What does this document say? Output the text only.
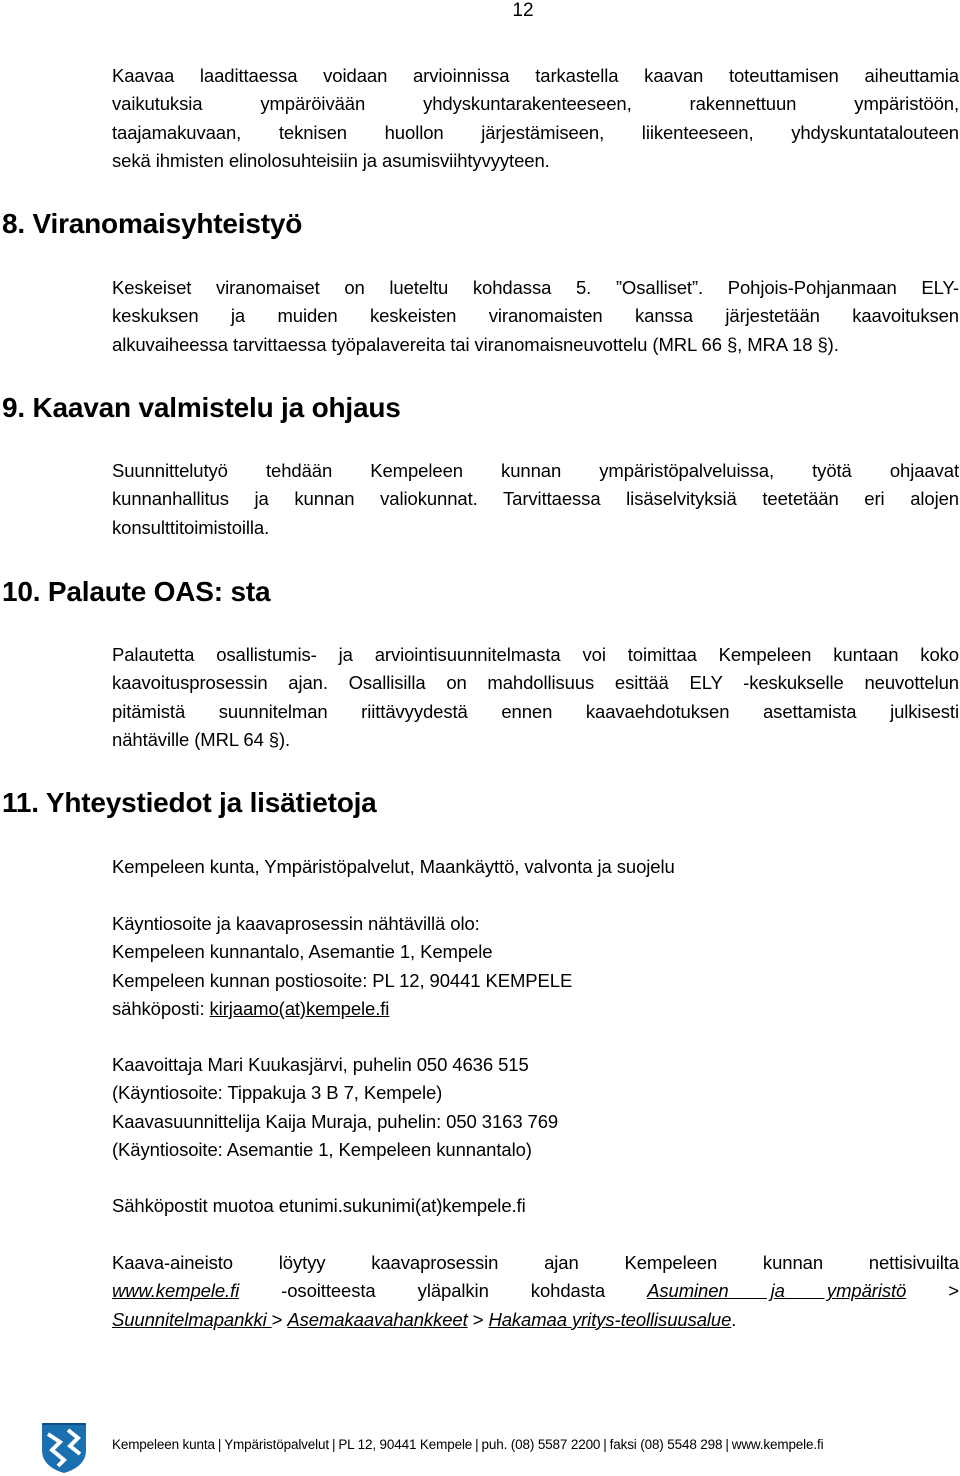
12
Kaavaa laadittaessa voidaan arvioinnissa tarkastella kaavan toteuttamisen aiheuttamia
vaikutuksia ympäröivään yhdyskuntarakenteeseen, rakennettuun ympäristöön,
taajamakuvaan, teknisen huollon järjestämiseen, liikenteeseen, yhdyskuntatalouteen
sekä ihmisten elinolosuhteisiin ja asumisviihtyvyyteen.
8. Viranomaisyhteistyö
Keskeiset viranomaiset on lueteltu kohdassa 5. ”Osalliset”. Pohjois-Pohjanmaan ELY-
keskuksen ja muiden keskeisten viranomaisten kanssa järjestetään kaavoituksen
alkuvaiheessa tarvittaessa työpalavereita tai viranomaisneuvottelu (MRL 66 §, MRA 18 §).
9. Kaavan valmistelu ja ohjaus
Suunnittelutyö tehdään Kempeleen kunnan ympäristöpalveluissa, työtä ohjaavat
kunnanhallitus ja kunnan valiokunnat. Tarvittaessa lisäselvityksiä teetetään eri alojen
konsulttitoimistoilla.
10. Palaute OAS: sta
Palautetta osallistumis- ja arviointisuunnitelmasta voi toimittaa Kempeleen kuntaan koko
kaavoitusprosessin ajan. Osallisilla on mahdollisuus esittää ELY -keskukselle neuvottelun
pitämistä suunnitelman riittävyydestä ennen kaavaehdotuksen asettamista julkisesti
nähtäville (MRL 64 §).
11. Yhteystiedot ja lisätietoja
Kempeleen kunta, Ympäristöpalvelut, Maankäyttö, valvonta ja suojelu
Käyntiosoite ja kaavaprosessin nähtävillä olo:
Kempeleen kunnantalo, Asemantie 1, Kempele
Kempeleen kunnan postiosoite: PL 12, 90441 KEMPELE
sähköposti: kirjaamo(at)kempele.fi
Kaavoittaja Mari Kuukasjärvi, puhelin 050 4636 515
(Käyntiosoite: Tippakuja 3 B 7, Kempele)
Kaavasuunnittelija Kaija Muraja, puhelin: 050 3163 769
(Käyntiosoite: Asemantie 1, Kempeleen kunnantalo)
Sähköpostit muotoa etunimi.sukunimi(at)kempele.fi
Kaava-aineisto löytyy kaavaprosessin ajan Kempeleen kunnan nettisivuilta
www.kempele.fi -osoitteesta yläpalkin kohdasta Asuminen ja ympäristö >
Suunnitelmapankki > Asemakaavahankkeet > Hakamaa yritys-teollisuusalue.
Kempeleen kunta | Ympäristöpalvelut | PL 12, 90441 Kempele | puh. (08) 5587 2200 | faksi (08) 5548 298 | www.kempele.fi
